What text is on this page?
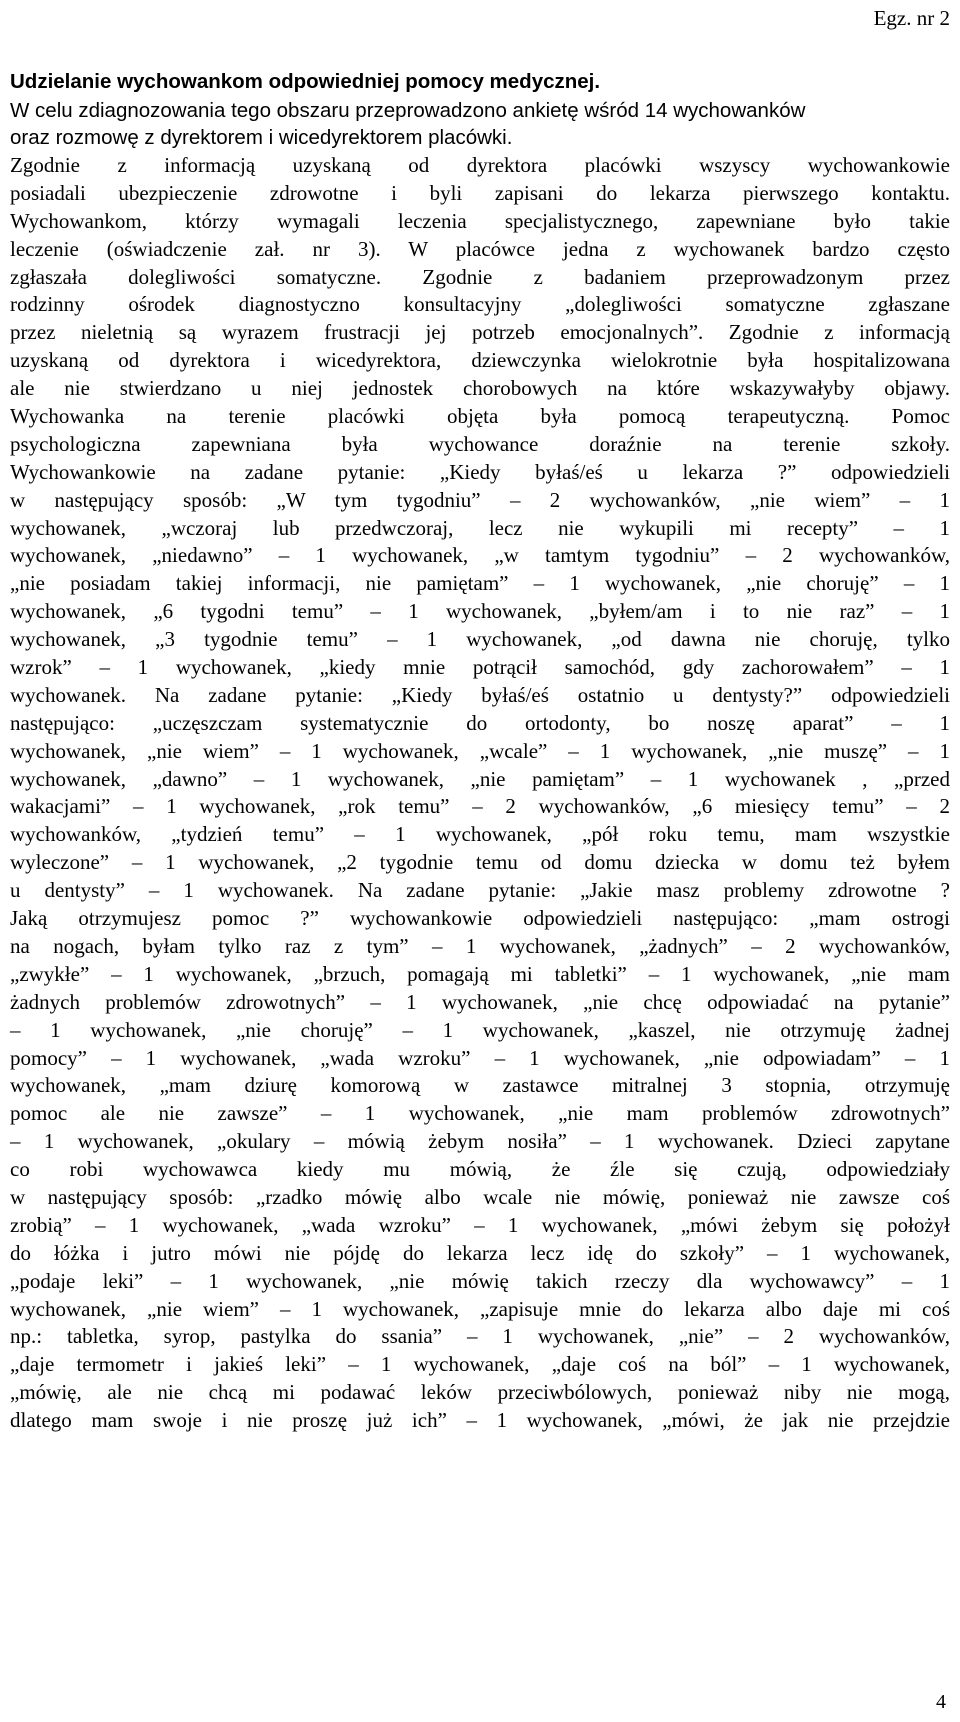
Egz. nr 2
Udzielanie wychowankom odpowiedniej pomocy medycznej.
W celu zdiagnozowania tego obszaru przeprowadzono ankietę wśród 14 wychowanków
oraz rozmowę z dyrektorem i wicedyrektorem placówki.
Zgodnie z informacją uzyskaną od dyrektora placówki wszyscy wychowankowie
posiadali ubezpieczenie zdrowotne i byli zapisani do lekarza pierwszego kontaktu.
Wychowankom, którzy wymagali leczenia specjalistycznego, zapewniane było takie
leczenie (oświadczenie zał. nr 3). W placówce jedna z wychowanek bardzo często
zgłaszała dolegliwości somatyczne. Zgodnie z badaniem przeprowadzonym przez
rodzinny ośrodek diagnostyczno konsultacyjny „dolegliwości somatyczne zgłaszane
przez nieletnią są wyrazem frustracji jej potrzeb emocjonalnych”. Zgodnie z informacją
uzyskaną od dyrektora i wicedyrektora, dziewczynka wielokrotnie była hospitalizowana
ale nie stwierdzano u niej jednostek chorobowych na które wskazywałyby objawy.
Wychowanka na terenie placówki objęta była pomocą terapeutyczną. Pomoc
psychologiczna zapewniana była wychowance doraźnie na terenie szkoły.
Wychowankowie na zadane pytanie: „Kiedy byłaś/eś u lekarza ?” odpowiedzieli
w następujący sposób: „W tym tygodniu” – 2 wychowanków, „nie wiem” – 1
wychowanek, „wczoraj lub przedwczoraj, lecz nie wykupili mi recepty” – 1
wychowanek, „niedawno” – 1 wychowanek, „w tamtym tygodniu” – 2 wychowanków,
„nie posiadam takiej informacji, nie pamiętam” – 1 wychowanek, „nie choruję” – 1
wychowanek, „6 tygodni temu” – 1 wychowanek, „byłem/am i to nie raz” – 1
wychowanek, „3 tygodnie temu” – 1 wychowanek, „od dawna nie choruję, tylko
wzrok” – 1 wychowanek, „kiedy mnie potrącił samochód, gdy zachorowałem” – 1
wychowanek. Na zadane pytanie: „Kiedy byłaś/eś ostatnio u dentysty?” odpowiedzieli
następująco: „uczęszczam systematycznie do ortodonty, bo noszę aparat” – 1
wychowanek, „nie wiem” – 1 wychowanek, „wcale” – 1 wychowanek, „nie muszę” – 1
wychowanek, „dawno” – 1 wychowanek, „nie pamiętam” – 1 wychowanek , „przed
wakacjami” – 1 wychowanek, „rok temu” – 2 wychowanków, „6 miesięcy temu” – 2
wychowanków, „tydzień temu” – 1 wychowanek, „pół roku temu, mam wszystkie
wyleczone” – 1 wychowanek, „2 tygodnie temu od domu dziecka w domu też byłem
u dentysty” – 1 wychowanek. Na zadane pytanie: „Jakie masz problemy zdrowotne ?
Jaką otrzymujesz pomoc ?” wychowankowie odpowiedzieli następująco: „mam ostrogi
na nogach, byłam tylko raz z tym” – 1 wychowanek, „żadnych” – 2 wychowanków,
„zwykłe” – 1 wychowanek, „brzuch, pomagają mi tabletki” – 1 wychowanek, „nie mam
żadnych problemów zdrowotnych” – 1 wychowanek, „nie chcę odpowiadać na pytanie”
– 1 wychowanek, „nie choruję” – 1 wychowanek, „kaszel, nie otrzymuję żadnej
pomocy” – 1 wychowanek, „wada wzroku” – 1 wychowanek, „nie odpowiadam” – 1
wychowanek, „mam dziurę komorową w zastawce mitralnej 3 stopnia, otrzymuję
pomoc ale nie zawsze” – 1 wychowanek, „nie mam problemów zdrowotnych”
– 1 wychowanek, „okulary – mówią żebym nosiła” – 1 wychowanek. Dzieci zapytane
co robi wychowawca kiedy mu mówią, że źle się czują, odpowiedziały
w następujący sposób: „rzadko mówię albo wcale nie mówię, ponieważ nie zawsze coś
zrobią” – 1 wychowanek, „wada wzroku” – 1 wychowanek, „mówi żebym się położył
do łóżka i jutro mówi nie pójdę do lekarza lecz idę do szkoły” – 1 wychowanek,
„podaje leki” – 1 wychowanek, „nie mówię takich rzeczy dla wychowawcy” – 1
wychowanek, „nie wiem” – 1 wychowanek, „zapisuje mnie do lekarza albo daje mi coś
np.: tabletka, syrop, pastylka do ssania” – 1 wychowanek, „nie” – 2 wychowanków,
„daje termometr i jakieś leki” – 1 wychowanek, „daje coś na ból” – 1 wychowanek,
„mówię, ale nie chcą mi podawać leków przeciwbólowych, ponieważ niby nie mogą,
dlatego mam swoje i nie proszę już ich” – 1 wychowanek, „mówi, że jak nie przejdzie
4
